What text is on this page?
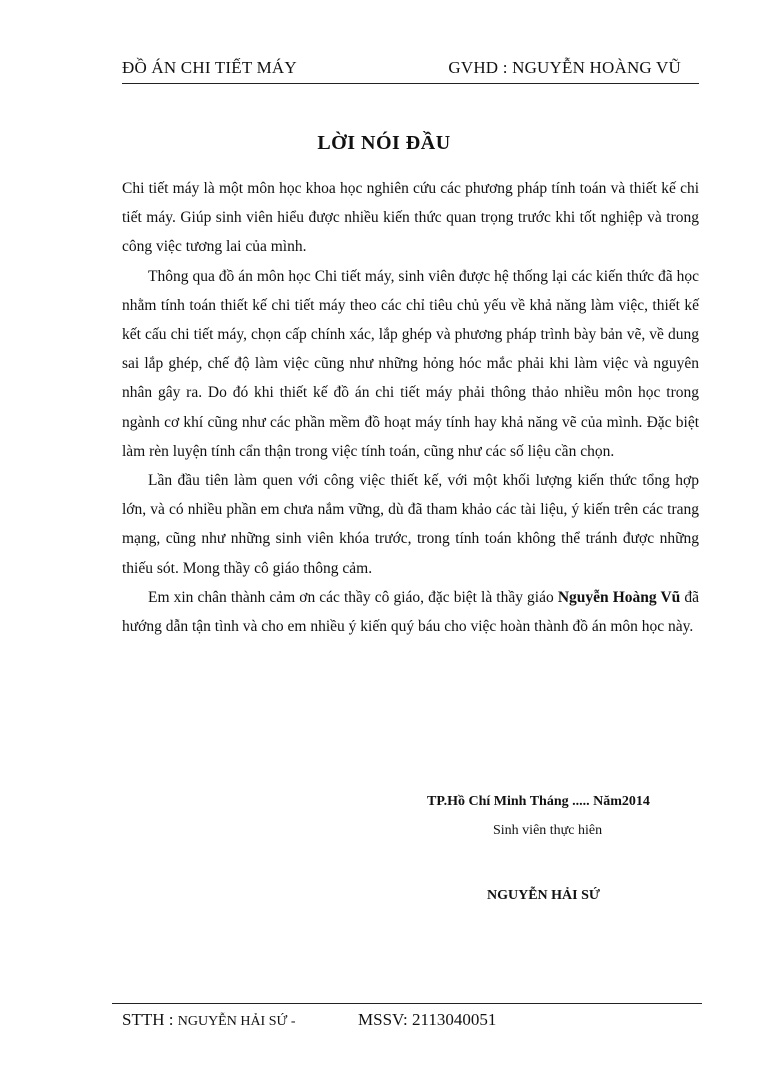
ĐỒ ÁN CHI TIẾT MÁY	GVHD : NGUYỄN HOÀNG VŨ
LỜI NÓI ĐẦU

Chi tiết máy là một môn học khoa học nghiên cứu các phương pháp tính toán và thiết kế chi tiết máy. Giúp sinh viên hiểu được nhiều kiến thức quan trọng trước khi tốt nghiệp và trong công việc tương lai của mình.

Thông qua đồ án môn học Chi tiết máy, sinh viên được hệ thống lại các kiến thức đã học nhằm tính toán thiết kế chi tiết máy theo các chỉ tiêu chủ yếu về khả năng làm việc, thiết kế kết cấu chi tiết máy, chọn cấp chính xác, lắp ghép và phương pháp trình bày bản vẽ, về dung sai lắp ghép, chế độ làm việc cũng như những hỏng hóc mắc phải khi làm việc và nguyên nhân gây ra. Do đó khi thiết kế đồ án chi tiết máy phải thông thảo nhiều môn học trong ngành cơ khí cũng như các phần mềm đồ hoạt máy tính hay khả năng vẽ của mình. Đặc biệt làm rèn luyện tính cẩn thận trong việc tính toán, cũng như các số liệu cần chọn.

Lần đầu tiên làm quen với công việc thiết kế, với một khối lượng kiến thức tổng hợp lớn, và có nhiều phần em chưa nắm vững, dù đã tham khảo các tài liệu, ý kiến trên các trang mạng, cũng như những sinh viên khóa trước, trong tính toán không thể tránh được những thiếu sót. Mong thầy cô giáo thông cảm.

Em xin chân thành cảm ơn các thầy cô giáo, đặc biệt là thầy giáo Nguyễn Hoàng Vũ đã hướng dẫn tận tình và cho em nhiều ý kiến quý báu cho việc hoàn thành đồ án môn học này.

TP.Hồ Chí Minh Tháng ..... Năm2014
Sinh viên thực hiên
NGUYỄN HẢI SỨ
STTH : NGUYỄN HẢI SỨ -	MSSV: 2113040051
